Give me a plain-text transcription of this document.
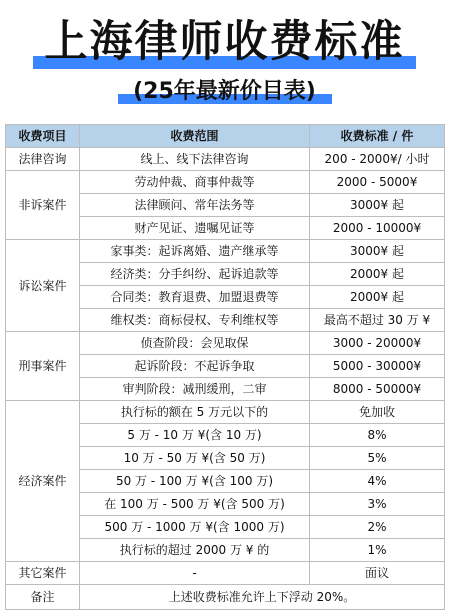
上海律师收费标准
(25年最新价目表)
收费项目	收费范围	收费标准 / 件
法律咨询	线上、线下法律咨询	200 - 2000¥/ 小时
非诉案件	劳动仲裁、商事仲裁等	2000 - 5000¥
	法律顾问、常年法务等	3000¥ 起
	财产见证、遗嘱见证等	2000 - 10000¥
诉讼案件	家事类：起诉离婚、遗产继承等	3000¥ 起
	经济类：分手纠纷、起诉追款等	2000¥ 起
	合同类：教育退费、加盟退费等	2000¥ 起
	维权类：商标侵权、专利维权等	最高不超过 30 万 ¥
刑事案件	侦查阶段：会见取保	3000 - 20000¥
	起诉阶段：不起诉争取	5000 - 30000¥
	审判阶段：减刑缓刑，二审	8000 - 50000¥
经济案件	执行标的额在 5 万元以下的	免加收
	5 万 - 10 万 ¥(含 10 万)	8%
	10 万 - 50 万 ¥(含 50 万)	5%
	50 万 - 100 万 ¥(含 100 万)	4%
	在 100 万 - 500 万 ¥(含 500 万)	3%
	500 万 - 1000 万 ¥(含 1000 万)	2%
	执行标的超过 2000 万 ¥ 的	1%
其它案件	-	面议
备注	上述收费标准允许上下浮动 20%。	
